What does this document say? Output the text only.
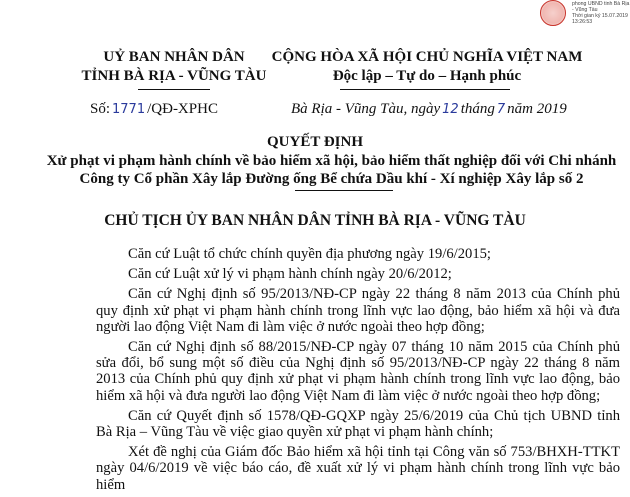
phong UBND tinh Bà Rịa
- Vũng Tàu
Thời gian ký 15.07.2019
13:26:53
UỶ BAN NHÂN DÂN
TỈNH BÀ RỊA - VŨNG TÀU
CỘNG HÒA XÃ HỘI CHỦ NGHĨA VIỆT NAM
Độc lập – Tự do – Hạnh phúc
Số: 1771 /QĐ-XPHC	Bà Rịa - Vũng Tàu, ngày 12 tháng 7 năm 2019
QUYẾT ĐỊNH
Xử phạt vi phạm hành chính về bảo hiểm xã hội, bảo hiểm thất nghiệp đối với Chi nhánh Công ty Cổ phần Xây lắp Đường ống Bể chứa Dầu khí - Xí nghiệp Xây lắp số 2
CHỦ TỊCH ỦY BAN NHÂN DÂN TỈNH BÀ RỊA - VŨNG TÀU

Căn cứ Luật tổ chức chính quyền địa phương ngày 19/6/2015;

Căn cứ Luật xử lý vi phạm hành chính ngày 20/6/2012;

Căn cứ Nghị định số 95/2013/NĐ-CP ngày 22 tháng 8 năm 2013 của Chính phủ quy định xử phạt vi phạm hành chính trong lĩnh vực lao động, bảo hiểm xã hội và đưa người lao động Việt Nam đi làm việc ở nước ngoài theo hợp đồng;

Căn cứ Nghị định số 88/2015/NĐ-CP ngày 07 tháng 10 năm 2015 của Chính phủ sửa đổi, bổ sung một số điều của Nghị định số 95/2013/NĐ-CP ngày 22 tháng 8 năm 2013 của Chính phủ quy định xử phạt vi phạm hành chính trong lĩnh vực lao động, bảo hiểm xã hội và đưa người lao động Việt Nam đi làm việc ở nước ngoài theo hợp đồng;

Căn cứ Quyết định số 1578/QĐ-GQXP ngày 25/6/2019 của Chủ tịch UBND tỉnh Bà Rịa – Vũng Tàu về việc giao quyền xử phạt vi phạm hành chính;

Xét đề nghị của Giám đốc Bảo hiểm xã hội tỉnh tại Công văn số 753/BHXH-TTKT ngày 04/6/2019 về việc báo cáo, đề xuất xử lý vi phạm hành chính trong lĩnh vực bảo hiểm
